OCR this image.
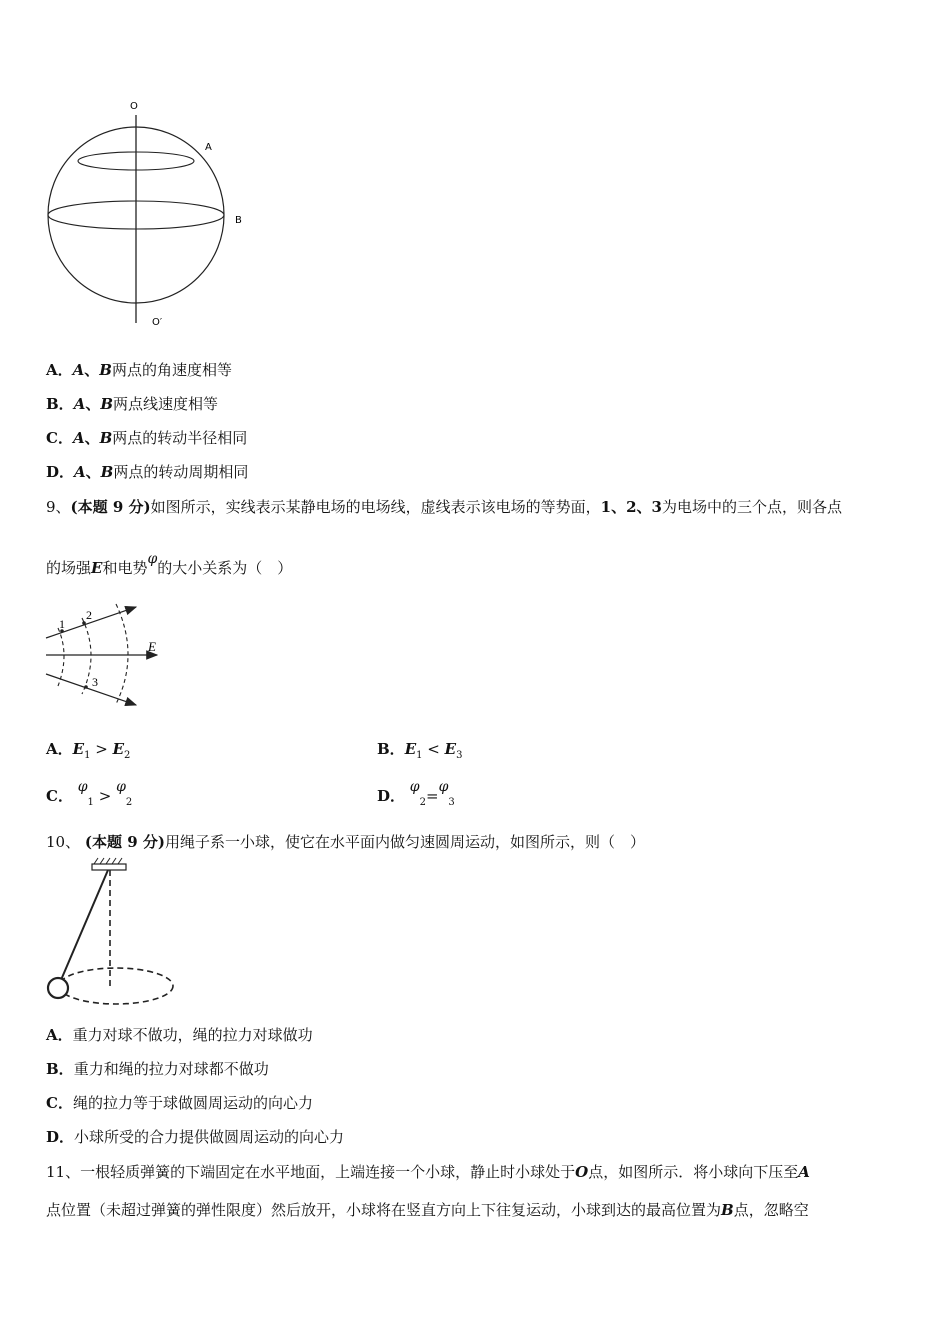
O
A
B
O′
A．A、B两点的角速度相等
B．A、B两点线速度相等
C．A、B两点的转动半径相同
D．A、B两点的转动周期相同
9、(本题 9 分)如图所示，实线表示某静电场的电场线，虚线表示该电场的等势面，1、2、3为电场中的三个点，则各点
的场强E和电势φ的大小关系为（　）
1
2
3
E
A．$E_1 > E_2$	B．$E_1 < E_3$
C． $\varphi_1 > \varphi_2$	D． $\varphi_2=\varphi_3$
10、 (本题 9 分)用绳子系一小球，使它在水平面内做匀速圆周运动，如图所示，则（　）
A．重力对球不做功，绳的拉力对球做功
B．重力和绳的拉力对球都不做功
C．绳的拉力等于球做圆周运动的向心力
D．小球所受的合力提供做圆周运动的向心力
11、一根轻质弹簧的下端固定在水平地面，上端连接一个小球，静止时小球处于O点，如图所示．将小球向下压至A
点位置（未超过弹簧的弹性限度）然后放开，小球将在竖直方向上下往复运动，小球到达的最高位置为B点，忽略空
